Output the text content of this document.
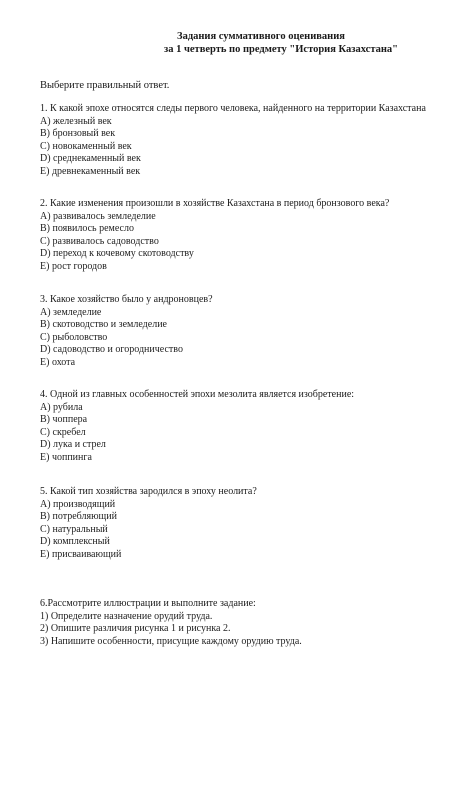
Задания суммативного оценивания
за 1 четверть по предмету "История Казахстана"
Выберите правильный ответ.
1. К какой эпохе относятся следы первого человека, найденного на территории Казахстана
A) железный век
B) бронзовый век
C) новокаменный век
D) среднекаменный век
E) древнекаменный век
2. Какие изменения произошли в хозяйстве Казахстана в период бронзового века?
A) развивалось земледелие
B) появилось ремесло
C) развивалось садоводство
D) переход к кочевому скотоводству
E) рост городов
3. Какое хозяйство было у андроновцев?
A) земледелие
B) скотоводство и земледелие
C) рыболовство
D) садоводство и огородничество
E) охота
4. Одной из главных особенностей эпохи мезолита является изобретение:
A) рубила
B) чоппера
C) скребел
D) лука и стрел
E) чоппинга
5. Какой тип хозяйства зародился в эпоху неолита?
A) производящий
B) потребляющий
C) натуральный
D) комплексный
E) присваивающий
6.Рассмотрите иллюстрации и выполните задание:
1) Определите назначение орудий труда.
2) Опишите различия рисунка 1 и рисунка 2.
3) Напишите особенности, присущие каждому орудию труда.
